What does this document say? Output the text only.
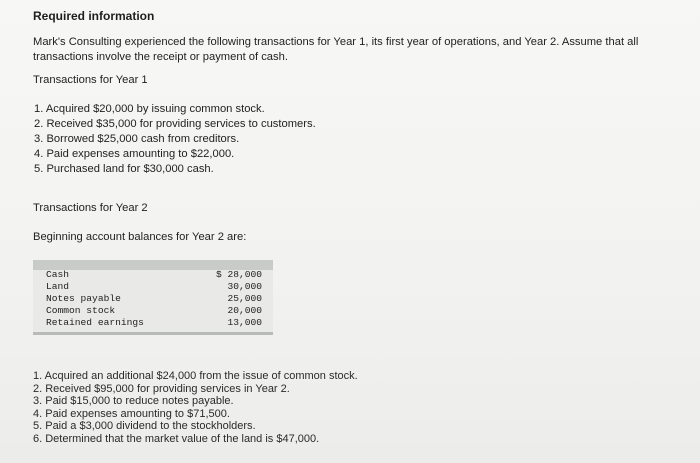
Required information

Mark's Consulting experienced the following transactions for Year 1, its first year of operations, and Year 2. Assume that all transactions involve the receipt or payment of cash.

Transactions for Year 1

1. Acquired $20,000 by issuing common stock.
2. Received $35,000 for providing services to customers.
3. Borrowed $25,000 cash from creditors.
4. Paid expenses amounting to $22,000.
5. Purchased land for $30,000 cash.

Transactions for Year 2

Beginning account balances for Year 2 are:

Cash	$ 28,000
Land	30,000
Notes payable	25,000
Common stock	20,000
Retained earnings	13,000
1. Acquired an additional $24,000 from the issue of common stock.
2. Received $95,000 for providing services in Year 2.
3. Paid $15,000 to reduce notes payable.
4. Paid expenses amounting to $71,500.
5. Paid a $3,000 dividend to the stockholders.
6. Determined that the market value of the land is $47,000.
